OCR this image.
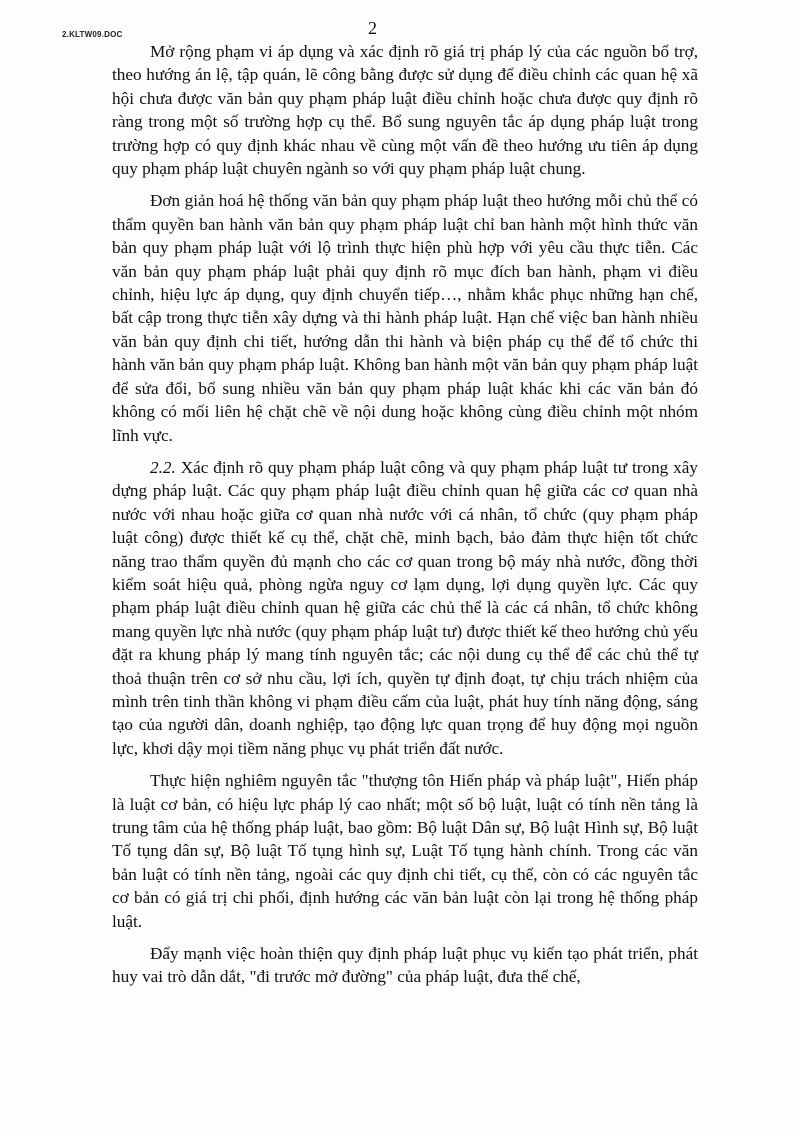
2.KLTW09.DOC	2

Mở rộng phạm vi áp dụng và xác định rõ giá trị pháp lý của các nguồn bổ trợ, theo hướng án lệ, tập quán, lẽ công bằng được sử dụng để điều chỉnh các quan hệ xã hội chưa được văn bản quy phạm pháp luật điều chỉnh hoặc chưa được quy định rõ ràng trong một số trường hợp cụ thể. Bổ sung nguyên tắc áp dụng pháp luật trong trường hợp có quy định khác nhau về cùng một vấn đề theo hướng ưu tiên áp dụng quy phạm pháp luật chuyên ngành so với quy phạm pháp luật chung.

Đơn giản hoá hệ thống văn bản quy phạm pháp luật theo hướng mỗi chủ thể có thẩm quyền ban hành văn bản quy phạm pháp luật chỉ ban hành một hình thức văn bản quy phạm pháp luật với lộ trình thực hiện phù hợp với yêu cầu thực tiễn. Các văn bản quy phạm pháp luật phải quy định rõ mục đích ban hành, phạm vi điều chỉnh, hiệu lực áp dụng, quy định chuyển tiếp…, nhằm khắc phục những hạn chế, bất cập trong thực tiễn xây dựng và thi hành pháp luật. Hạn chế việc ban hành nhiều văn bản quy định chi tiết, hướng dẫn thi hành và biện pháp cụ thể để tổ chức thi hành văn bản quy phạm pháp luật. Không ban hành một văn bản quy phạm pháp luật để sửa đổi, bổ sung nhiều văn bản quy phạm pháp luật khác khi các văn bản đó không có mối liên hệ chặt chẽ về nội dung hoặc không cùng điều chỉnh một nhóm lĩnh vực.

2.2. Xác định rõ quy phạm pháp luật công và quy phạm pháp luật tư trong xây dựng pháp luật. Các quy phạm pháp luật điều chỉnh quan hệ giữa các cơ quan nhà nước với nhau hoặc giữa cơ quan nhà nước với cá nhân, tổ chức (quy phạm pháp luật công) được thiết kế cụ thể, chặt chẽ, minh bạch, bảo đảm thực hiện tốt chức năng trao thẩm quyền đủ mạnh cho các cơ quan trong bộ máy nhà nước, đồng thời kiểm soát hiệu quả, phòng ngừa nguy cơ lạm dụng, lợi dụng quyền lực. Các quy phạm pháp luật điều chỉnh quan hệ giữa các chủ thể là các cá nhân, tổ chức không mang quyền lực nhà nước (quy phạm pháp luật tư) được thiết kế theo hướng chủ yếu đặt ra khung pháp lý mang tính nguyên tắc; các nội dung cụ thể để các chủ thể tự thoả thuận trên cơ sở nhu cầu, lợi ích, quyền tự định đoạt, tự chịu trách nhiệm của mình trên tinh thần không vi phạm điều cấm của luật, phát huy tính năng động, sáng tạo của người dân, doanh nghiệp, tạo động lực quan trọng để huy động mọi nguồn lực, khơi dậy mọi tiềm năng phục vụ phát triển đất nước.

Thực hiện nghiêm nguyên tắc "thượng tôn Hiến pháp và pháp luật", Hiến pháp là luật cơ bản, có hiệu lực pháp lý cao nhất; một số bộ luật, luật có tính nền tảng là trung tâm của hệ thống pháp luật, bao gồm: Bộ luật Dân sự, Bộ luật Hình sự, Bộ luật Tố tụng dân sự, Bộ luật Tố tụng hình sự, Luật Tố tụng hành chính. Trong các văn bản luật có tính nền tảng, ngoài các quy định chi tiết, cụ thể, còn có các nguyên tắc cơ bản có giá trị chi phối, định hướng các văn bản luật còn lại trong hệ thống pháp luật.

Đẩy mạnh việc hoàn thiện quy định pháp luật phục vụ kiến tạo phát triển, phát huy vai trò dẫn dắt, "đi trước mở đường" của pháp luật, đưa thể chế,
